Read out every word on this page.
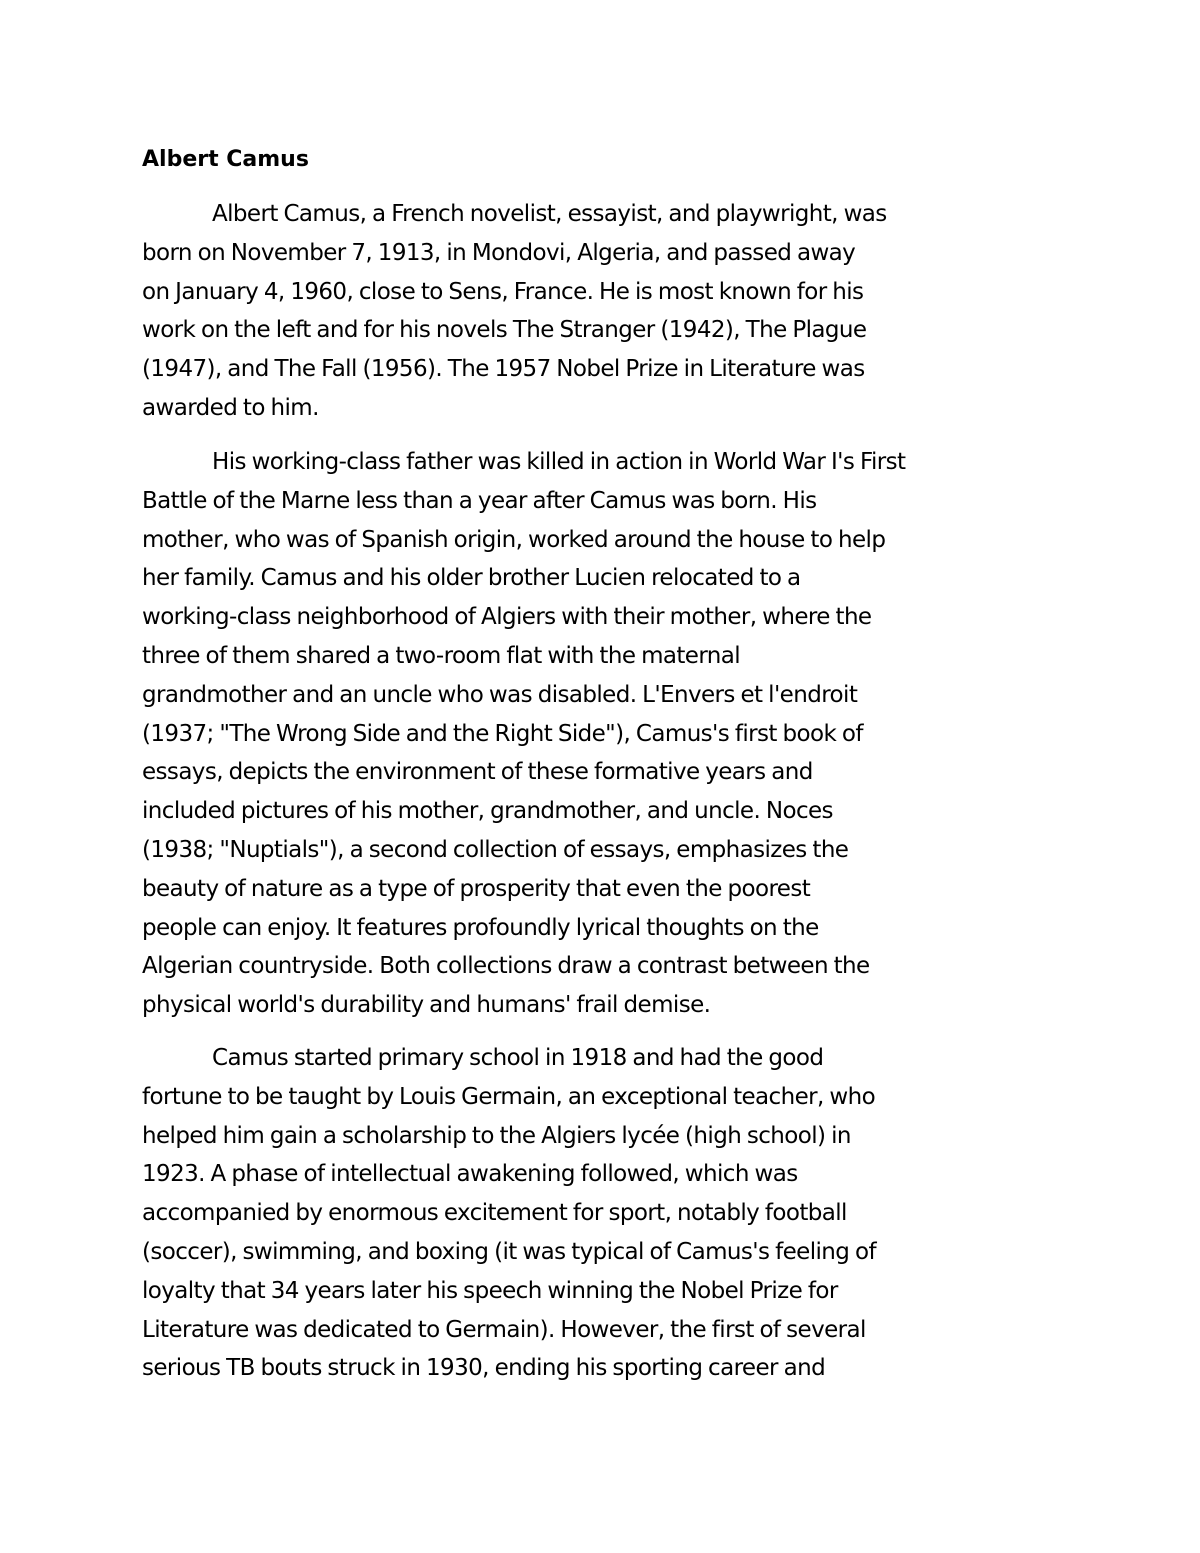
Albert Camus
Albert Camus, a French novelist, essayist, and playwright, was
born on November 7, 1913, in Mondovi, Algeria, and passed away
on January 4, 1960, close to Sens, France. He is most known for his
work on the left and for his novels The Stranger (1942), The Plague
(1947), and The Fall (1956). The 1957 Nobel Prize in Literature was
awarded to him.
His working-class father was killed in action in World War I's First
Battle of the Marne less than a year after Camus was born. His
mother, who was of Spanish origin, worked around the house to help
her family. Camus and his older brother Lucien relocated to a
working-class neighborhood of Algiers with their mother, where the
three of them shared a two-room flat with the maternal
grandmother and an uncle who was disabled. L'Envers et l'endroit
(1937; "The Wrong Side and the Right Side"), Camus's first book of
essays, depicts the environment of these formative years and
included pictures of his mother, grandmother, and uncle. Noces
(1938; "Nuptials"), a second collection of essays, emphasizes the
beauty of nature as a type of prosperity that even the poorest
people can enjoy. It features profoundly lyrical thoughts on the
Algerian countryside. Both collections draw a contrast between the
physical world's durability and humans' frail demise.
Camus started primary school in 1918 and had the good
fortune to be taught by Louis Germain, an exceptional teacher, who
helped him gain a scholarship to the Algiers lycée (high school) in
1923. A phase of intellectual awakening followed, which was
accompanied by enormous excitement for sport, notably football
(soccer), swimming, and boxing (it was typical of Camus's feeling of
loyalty that 34 years later his speech winning the Nobel Prize for
Literature was dedicated to Germain). However, the first of several
serious TB bouts struck in 1930, ending his sporting career and
